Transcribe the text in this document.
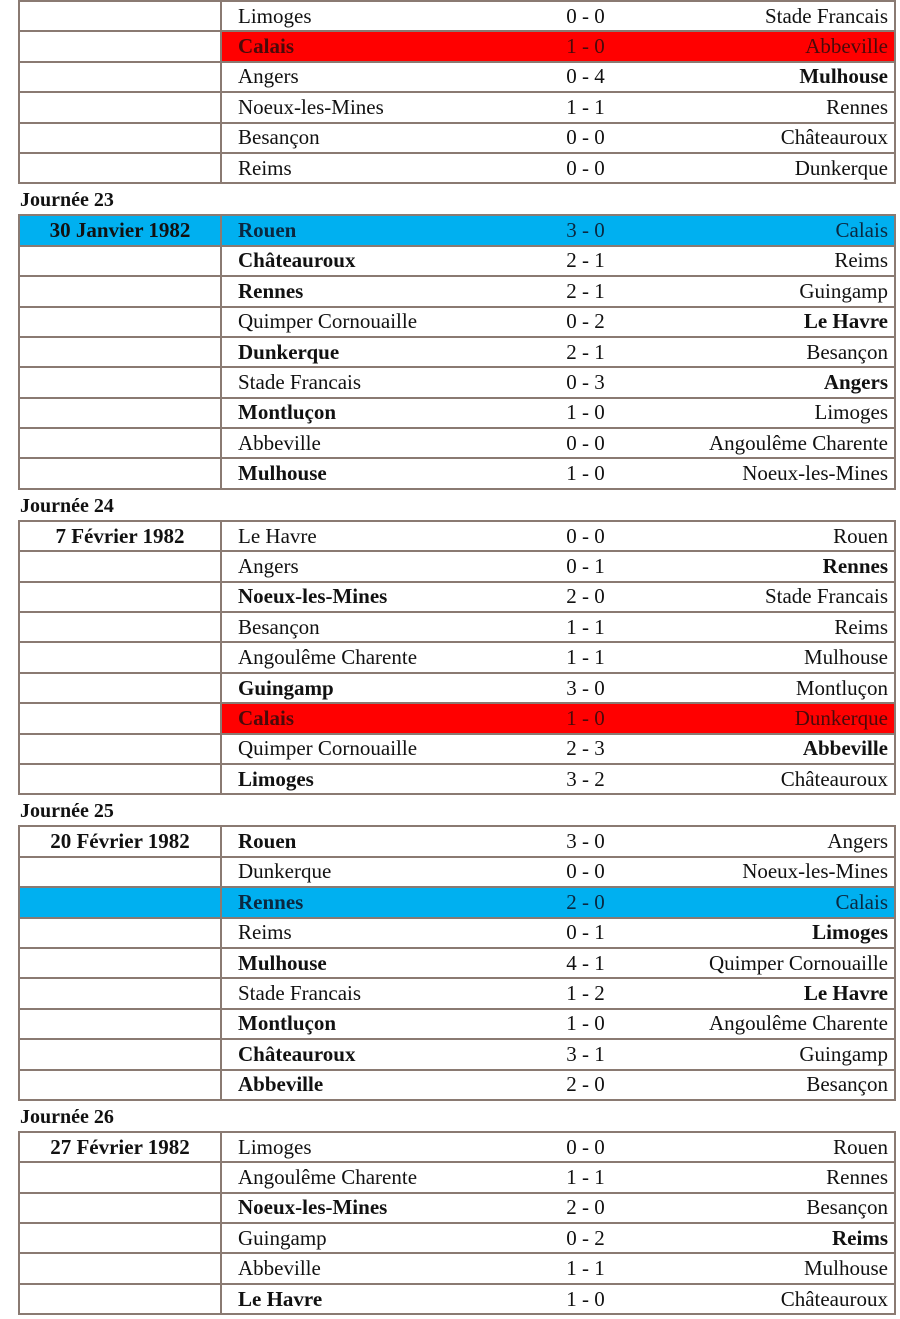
	Limoges	0 - 0	Stade Francais
	Calais	1 - 0	Abbeville
	Angers	0 - 4	Mulhouse
	Noeux-les-Mines	1 - 1	Rennes
	Besançon	0 - 0	Châteauroux
	Reims	0 - 0	Dunkerque
Journée 23
30 Janvier 1982	Rouen	3 - 0	Calais
	Châteauroux	2 - 1	Reims
	Rennes	2 - 1	Guingamp
	Quimper Cornouaille	0 - 2	Le Havre
	Dunkerque	2 - 1	Besançon
	Stade Francais	0 - 3	Angers
	Montluçon	1 - 0	Limoges
	Abbeville	0 - 0	Angoulême Charente
	Mulhouse	1 - 0	Noeux-les-Mines
Journée 24
7 Février 1982	Le Havre	0 - 0	Rouen
	Angers	0 - 1	Rennes
	Noeux-les-Mines	2 - 0	Stade Francais
	Besançon	1 - 1	Reims
	Angoulême Charente	1 - 1	Mulhouse
	Guingamp	3 - 0	Montluçon
	Calais	1 - 0	Dunkerque
	Quimper Cornouaille	2 - 3	Abbeville
	Limoges	3 - 2	Châteauroux
Journée 25
20 Février 1982	Rouen	3 - 0	Angers
	Dunkerque	0 - 0	Noeux-les-Mines
	Rennes	2 - 0	Calais
	Reims	0 - 1	Limoges
	Mulhouse	4 - 1	Quimper Cornouaille
	Stade Francais	1 - 2	Le Havre
	Montluçon	1 - 0	Angoulême Charente
	Châteauroux	3 - 1	Guingamp
	Abbeville	2 - 0	Besançon
Journée 26
27 Février 1982	Limoges	0 - 0	Rouen
	Angoulême Charente	1 - 1	Rennes
	Noeux-les-Mines	2 - 0	Besançon
	Guingamp	0 - 2	Reims
	Abbeville	1 - 1	Mulhouse
	Le Havre	1 - 0	Châteauroux
